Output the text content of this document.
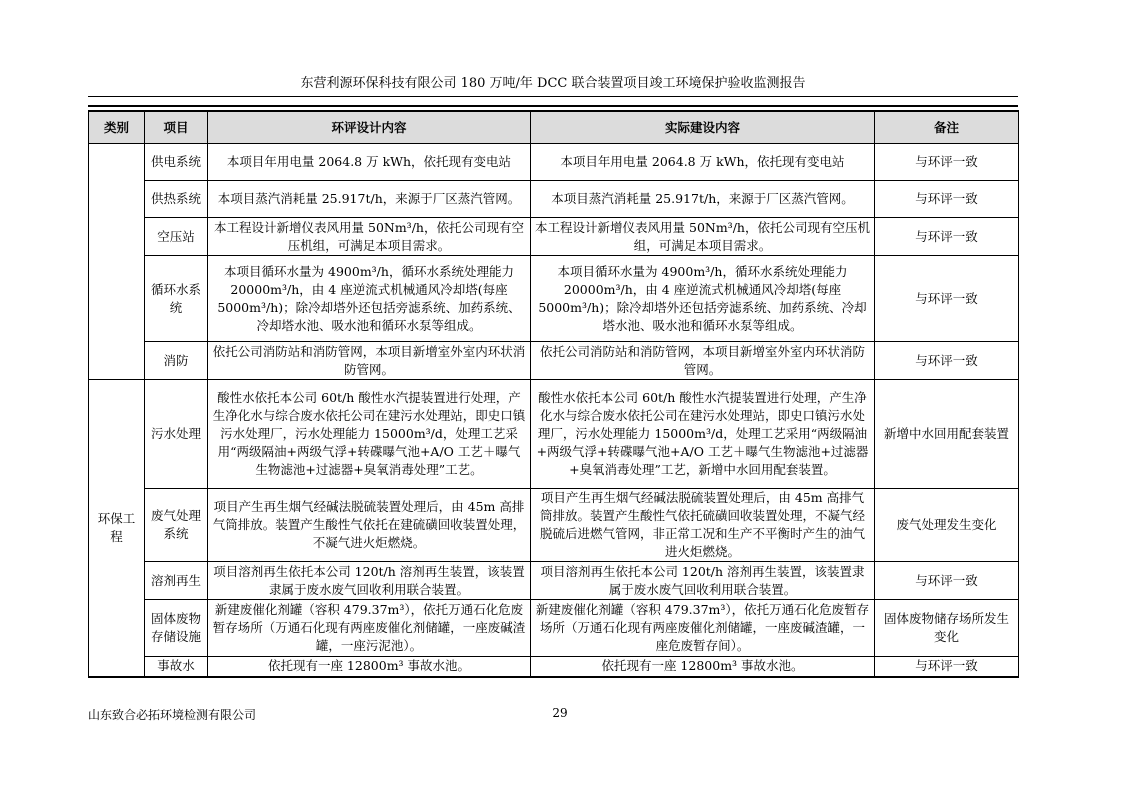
东营利源环保科技有限公司 180 万吨/年 DCC 联合装置项目竣工环境保护验收监测报告
类别	项目	环评设计内容	实际建设内容	备注
	供电系统	本项目年用电量 2064.8 万 kWh，依托现有变电站	本项目年用电量 2064.8 万 kWh，依托现有变电站	与环评一致
	供热系统	本项目蒸汽消耗量 25.917t/h，来源于厂区蒸汽管网。	本项目蒸汽消耗量 25.917t/h，来源于厂区蒸汽管网。	与环评一致
	空压站	本工程设计新增仪表风用量 50Nm³/h，依托公司现有空压机组，可满足本项目需求。	本工程设计新增仪表风用量 50Nm³/h，依托公司现有空压机组，可满足本项目需求。	与环评一致
	循环水系统	本项目循环水量为 4900m³/h，循环水系统处理能力 20000m³/h，由 4 座逆流式机械通风冷却塔(每座 5000m³/h)；除冷却塔外还包括旁滤系统、加药系统、冷却塔水池、吸水池和循环水泵等组成。	本项目循环水量为 4900m³/h，循环水系统处理能力 20000m³/h，由 4 座逆流式机械通风冷却塔(每座 5000m³/h)；除冷却塔外还包括旁滤系统、加药系统、冷却塔水池、吸水池和循环水泵等组成。	与环评一致
	消防	依托公司消防站和消防管网，本项目新增室外室内环状消防管网。	依托公司消防站和消防管网，本项目新增室外室内环状消防管网。	与环评一致
环保工程	污水处理	酸性水依托本公司 60t/h 酸性水汽提装置进行处理，产生净化水与综合废水依托公司在建污水处理站，即史口镇污水处理厂，污水处理能力 15000m³/d，处理工艺采用“两级隔油+两级气浮+转碟曝气池+A/O 工艺＋曝气生物滤池+过滤器+臭氧消毒处理”工艺。	酸性水依托本公司 60t/h 酸性水汽提装置进行处理，产生净化水与综合废水依托公司在建污水处理站，即史口镇污水处理厂，污水处理能力 15000m³/d，处理工艺采用“两级隔油+两级气浮+转碟曝气池+A/O 工艺＋曝气生物滤池+过滤器+臭氧消毒处理”工艺，新增中水回用配套装置。	新增中水回用配套装置
	废气处理系统	项目产生再生烟气经碱法脱硫装置处理后，由 45m 高排气筒排放。装置产生酸性气依托在建硫磺回收装置处理，不凝气进火炬燃烧。	项目产生再生烟气经碱法脱硫装置处理后，由 45m 高排气筒排放。装置产生酸性气依托硫磺回收装置处理，不凝气经脱硫后进燃气管网，非正常工况和生产不平衡时产生的油气进火炬燃烧。	废气处理发生变化
	溶剂再生	项目溶剂再生依托本公司 120t/h 溶剂再生装置，该装置隶属于废水废气回收利用联合装置。	项目溶剂再生依托本公司 120t/h 溶剂再生装置，该装置隶属于废水废气回收利用联合装置。	与环评一致
	固体废物存储设施	新建废催化剂罐（容积 479.37m³），依托万通石化危废暂存场所（万通石化现有两座废催化剂储罐，一座废碱渣罐，一座污泥池）。	新建废催化剂罐（容积 479.37m³），依托万通石化危废暂存场所（万通石化现有两座废催化剂储罐，一座废碱渣罐，一座危废暂存间）。	固体废物储存场所发生变化
	事故水	依托现有一座 12800m³ 事故水池。	依托现有一座 12800m³ 事故水池。	与环评一致
山东致合必拓环境检测有限公司	29
